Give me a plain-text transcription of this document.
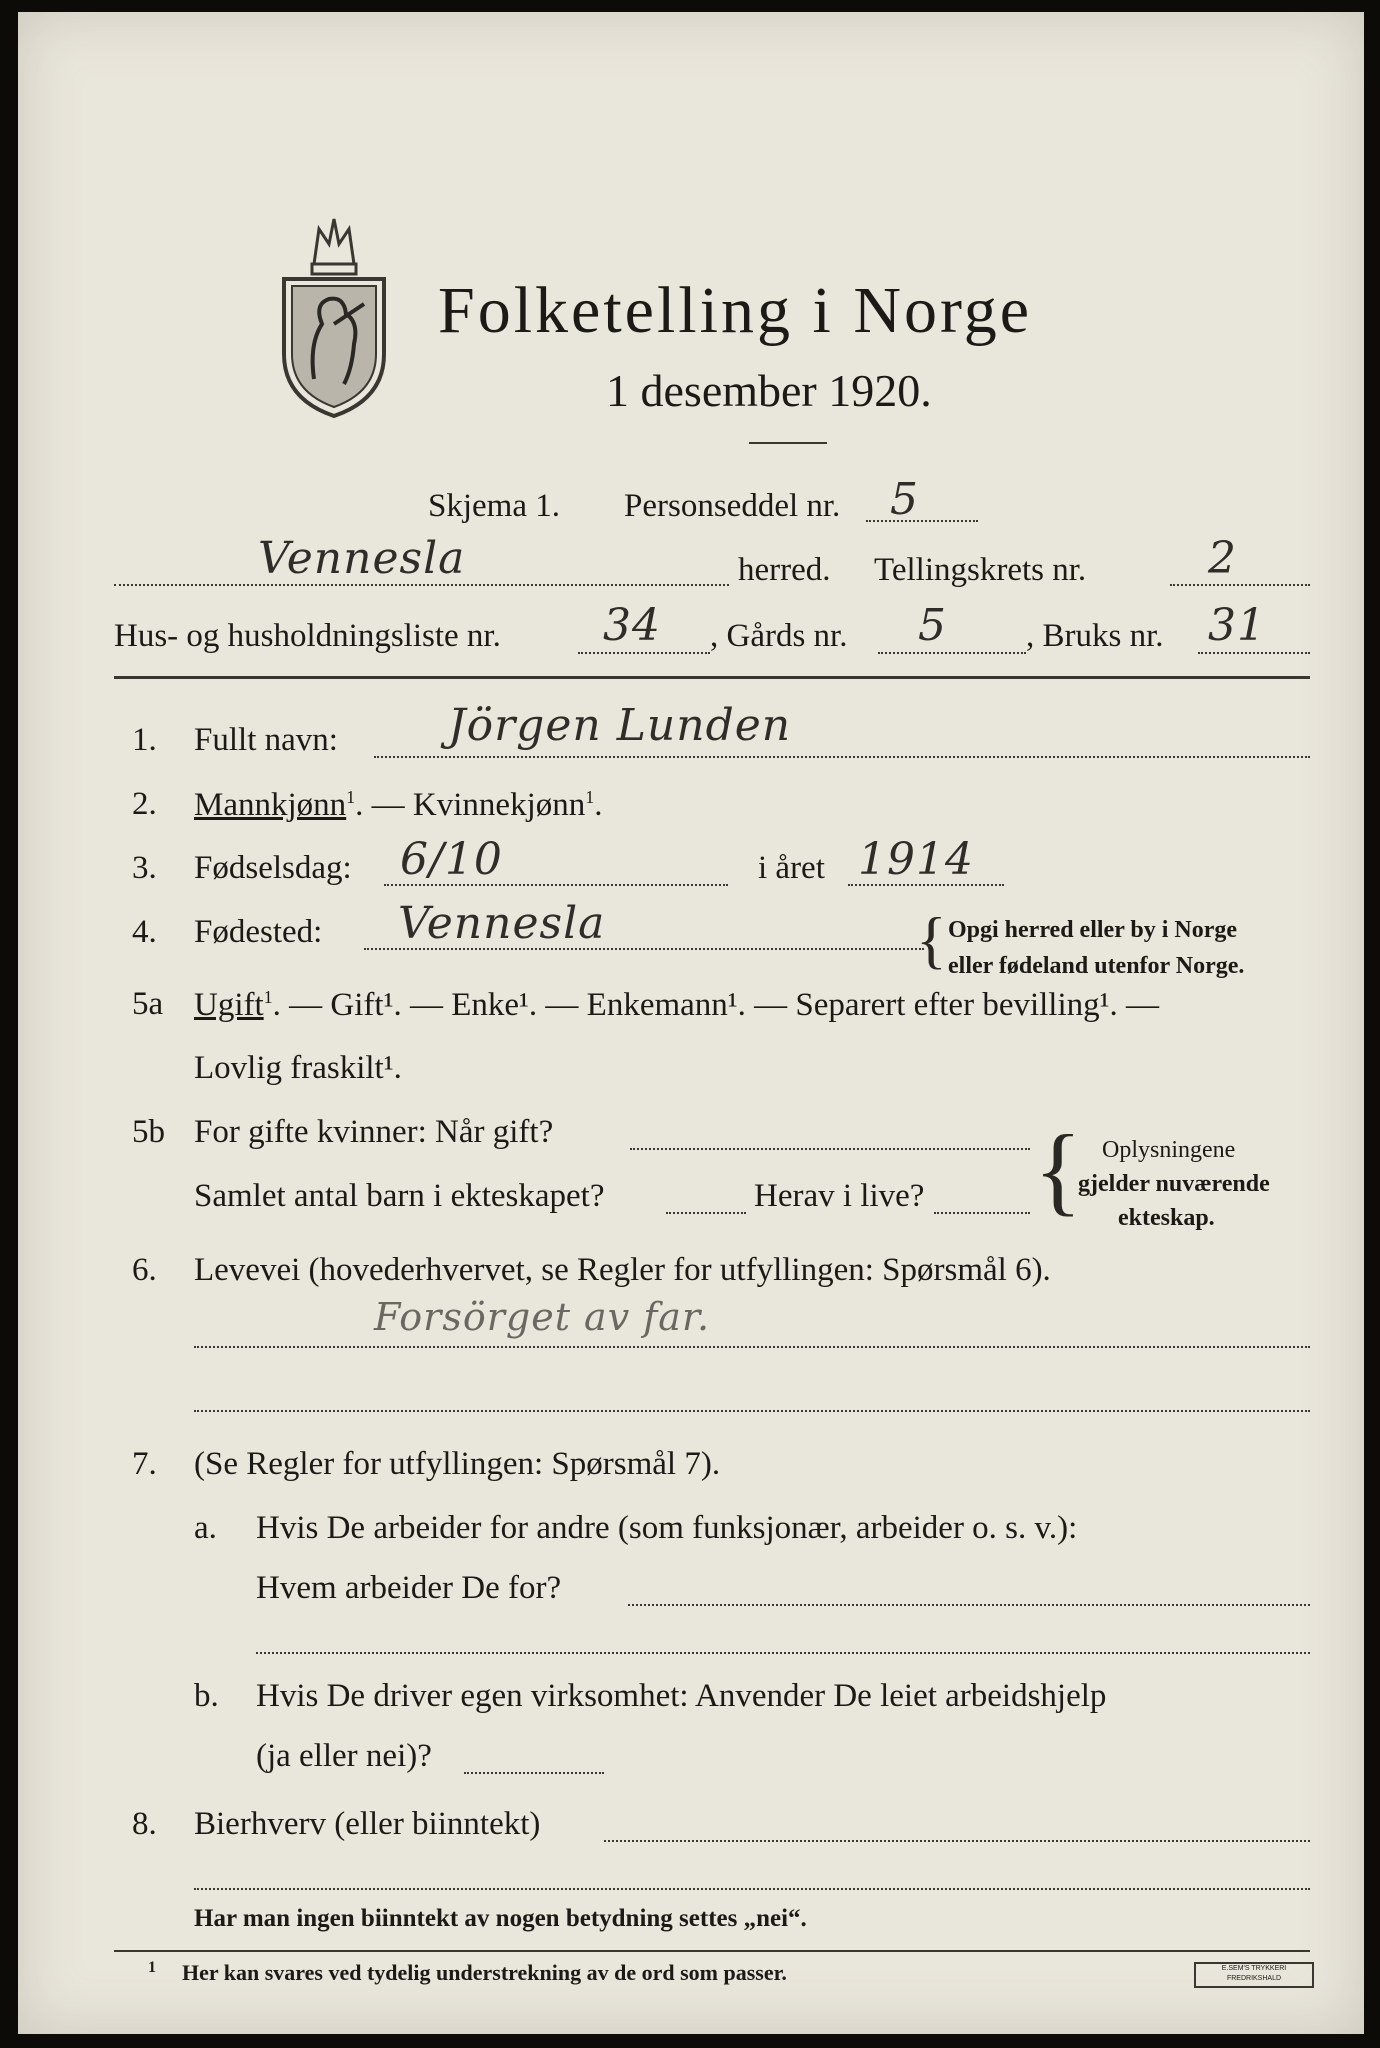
Folketelling i Norge
1 desember 1920.
Skjema 1. Personseddel nr. 5
Vennesla	herred. Tellingskrets nr.	2
Hus- og husholdningsliste nr. 34 , Gårds nr. 5 , Bruks nr. 31
1. Fullt navn:	Jörgen Lunden
2. Mannkjønn$^1$. — Kvinnekjønn$^1$.
3. Fødselsdag: 6/10	i året 1914
4. Fødested: Vennesla	{ Opgi herred eller by i Norge
eller fødeland utenfor Norge.
5a Ugift$^1$. — Gift¹. — Enke¹. — Enkemann¹. — Separert efter bevilling¹. —
Lovlig fraskilt¹.
5b For gifte kvinner: Når gift?
Samlet antal barn i ekteskapet?	Herav i live? { Oplysningene
gjelder nuværende
ekteskap.
6. Levevei (hovederhvervet, se Regler for utfyllingen: Spørsmål 6).
Forsörget av far.
7. (Se Regler for utfyllingen: Spørsmål 7).
a. Hvis De arbeider for andre (som funksjonær, arbeider o. s. v.):
Hvem arbeider De for?
b. Hvis De driver egen virksomhet: Anvender De leiet arbeidshjelp
(ja eller nei)?
8. Bierhverv (eller biinntekt)
Har man ingen biinntekt av nogen betydning settes „nei“.
1 Her kan svares ved tydelig understrekning av de ord som passer.	E.SEM'S TRYKKERI FREDRIKSHALD
